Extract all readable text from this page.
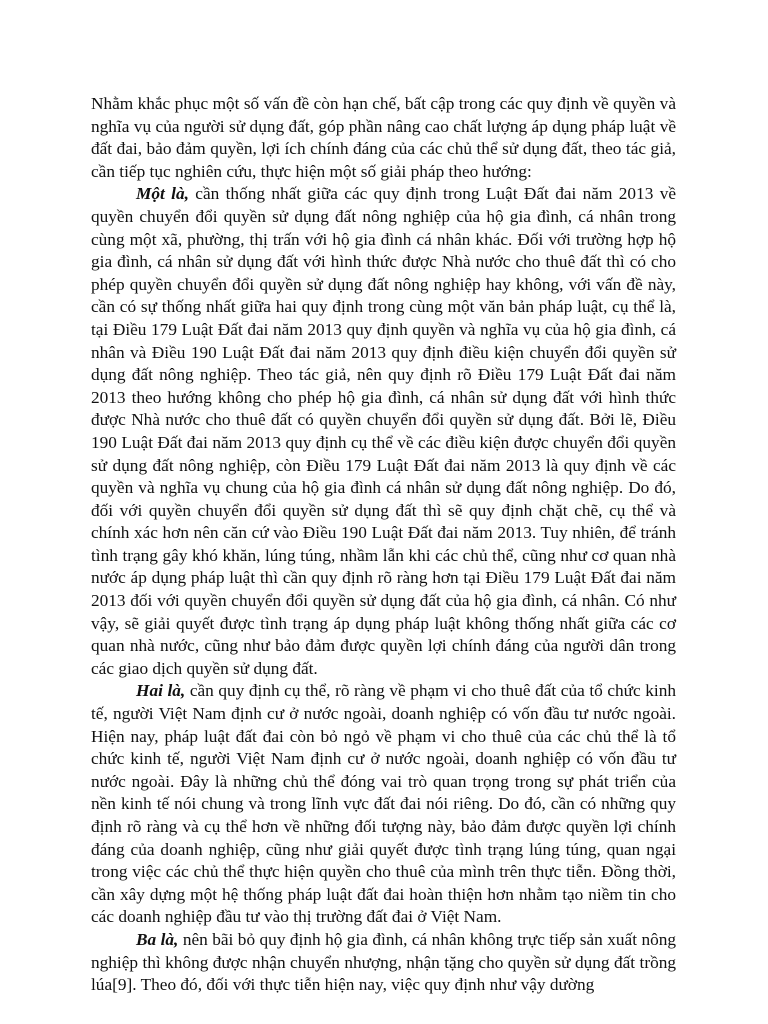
Nhằm khắc phục một số vấn đề còn hạn chế, bất cập trong các quy định về quyền và nghĩa vụ của người sử dụng đất, góp phần nâng cao chất lượng áp dụng pháp luật về đất đai, bảo đảm quyền, lợi ích chính đáng của các chủ thể sử dụng đất, theo tác giả, cần tiếp tục nghiên cứu, thực hiện một số giải pháp theo hướng:

Một là, cần thống nhất giữa các quy định trong Luật Đất đai năm 2013 về quyền chuyển đổi quyền sử dụng đất nông nghiệp của hộ gia đình, cá nhân trong cùng một xã, phường, thị trấn với hộ gia đình cá nhân khác. Đối với trường hợp hộ gia đình, cá nhân sử dụng đất với hình thức được Nhà nước cho thuê đất thì có cho phép quyền chuyển đổi quyền sử dụng đất nông nghiệp hay không, với vấn đề này, cần có sự thống nhất giữa hai quy định trong cùng một văn bản pháp luật, cụ thể là, tại Điều 179 Luật Đất đai năm 2013 quy định quyền và nghĩa vụ của hộ gia đình, cá nhân và Điều 190 Luật Đất đai năm 2013 quy định điều kiện chuyển đổi quyền sử dụng đất nông nghiệp. Theo tác giả, nên quy định rõ Điều 179 Luật Đất đai năm 2013 theo hướng không cho phép hộ gia đình, cá nhân sử dụng đất với hình thức được Nhà nước cho thuê đất có quyền chuyển đổi quyền sử dụng đất. Bởi lẽ, Điều 190 Luật Đất đai năm 2013 quy định cụ thể về các điều kiện được chuyển đổi quyền sử dụng đất nông nghiệp, còn Điều 179 Luật Đất đai năm 2013 là quy định về các quyền và nghĩa vụ chung của hộ gia đình cá nhân sử dụng đất nông nghiệp. Do đó, đối với quyền chuyển đổi quyền sử dụng đất thì sẽ quy định chặt chẽ, cụ thể và chính xác hơn nên căn cứ vào Điều 190 Luật Đất đai năm 2013. Tuy nhiên, để tránh tình trạng gây khó khăn, lúng túng, nhầm lẫn khi các chủ thể, cũng như cơ quan nhà nước áp dụng pháp luật thì cần quy định rõ ràng hơn tại Điều 179 Luật Đất đai năm 2013 đối với quyền chuyển đổi quyền sử dụng đất của hộ gia đình, cá nhân. Có như vậy, sẽ giải quyết được tình trạng áp dụng pháp luật không thống nhất giữa các cơ quan nhà nước, cũng như bảo đảm được quyền lợi chính đáng của người dân trong các giao dịch quyền sử dụng đất.

Hai là, cần quy định cụ thể, rõ ràng về phạm vi cho thuê đất của tổ chức kinh tế, người Việt Nam định cư ở nước ngoài, doanh nghiệp có vốn đầu tư nước ngoài. Hiện nay, pháp luật đất đai còn bỏ ngỏ về phạm vi cho thuê của các chủ thể là tổ chức kinh tế, người Việt Nam định cư ở nước ngoài, doanh nghiệp có vốn đầu tư nước ngoài. Đây là những chủ thể đóng vai trò quan trọng trong sự phát triển của nền kinh tế nói chung và trong lĩnh vực đất đai nói riêng. Do đó, cần có những quy định rõ ràng và cụ thể hơn về những đối tượng này, bảo đảm được quyền lợi chính đáng của doanh nghiệp, cũng như giải quyết được tình trạng lúng túng, quan ngại trong việc các chủ thể thực hiện quyền cho thuê của mình trên thực tiễn. Đồng thời, cần xây dựng một hệ thống pháp luật đất đai hoàn thiện hơn nhằm tạo niềm tin cho các doanh nghiệp đầu tư vào thị trường đất đai ở Việt Nam.

Ba là, nên bãi bỏ quy định hộ gia đình, cá nhân không trực tiếp sản xuất nông nghiệp thì không được nhận chuyển nhượng, nhận tặng cho quyền sử dụng đất trồng lúa[9]. Theo đó, đối với thực tiễn hiện nay, việc quy định như vậy dường
